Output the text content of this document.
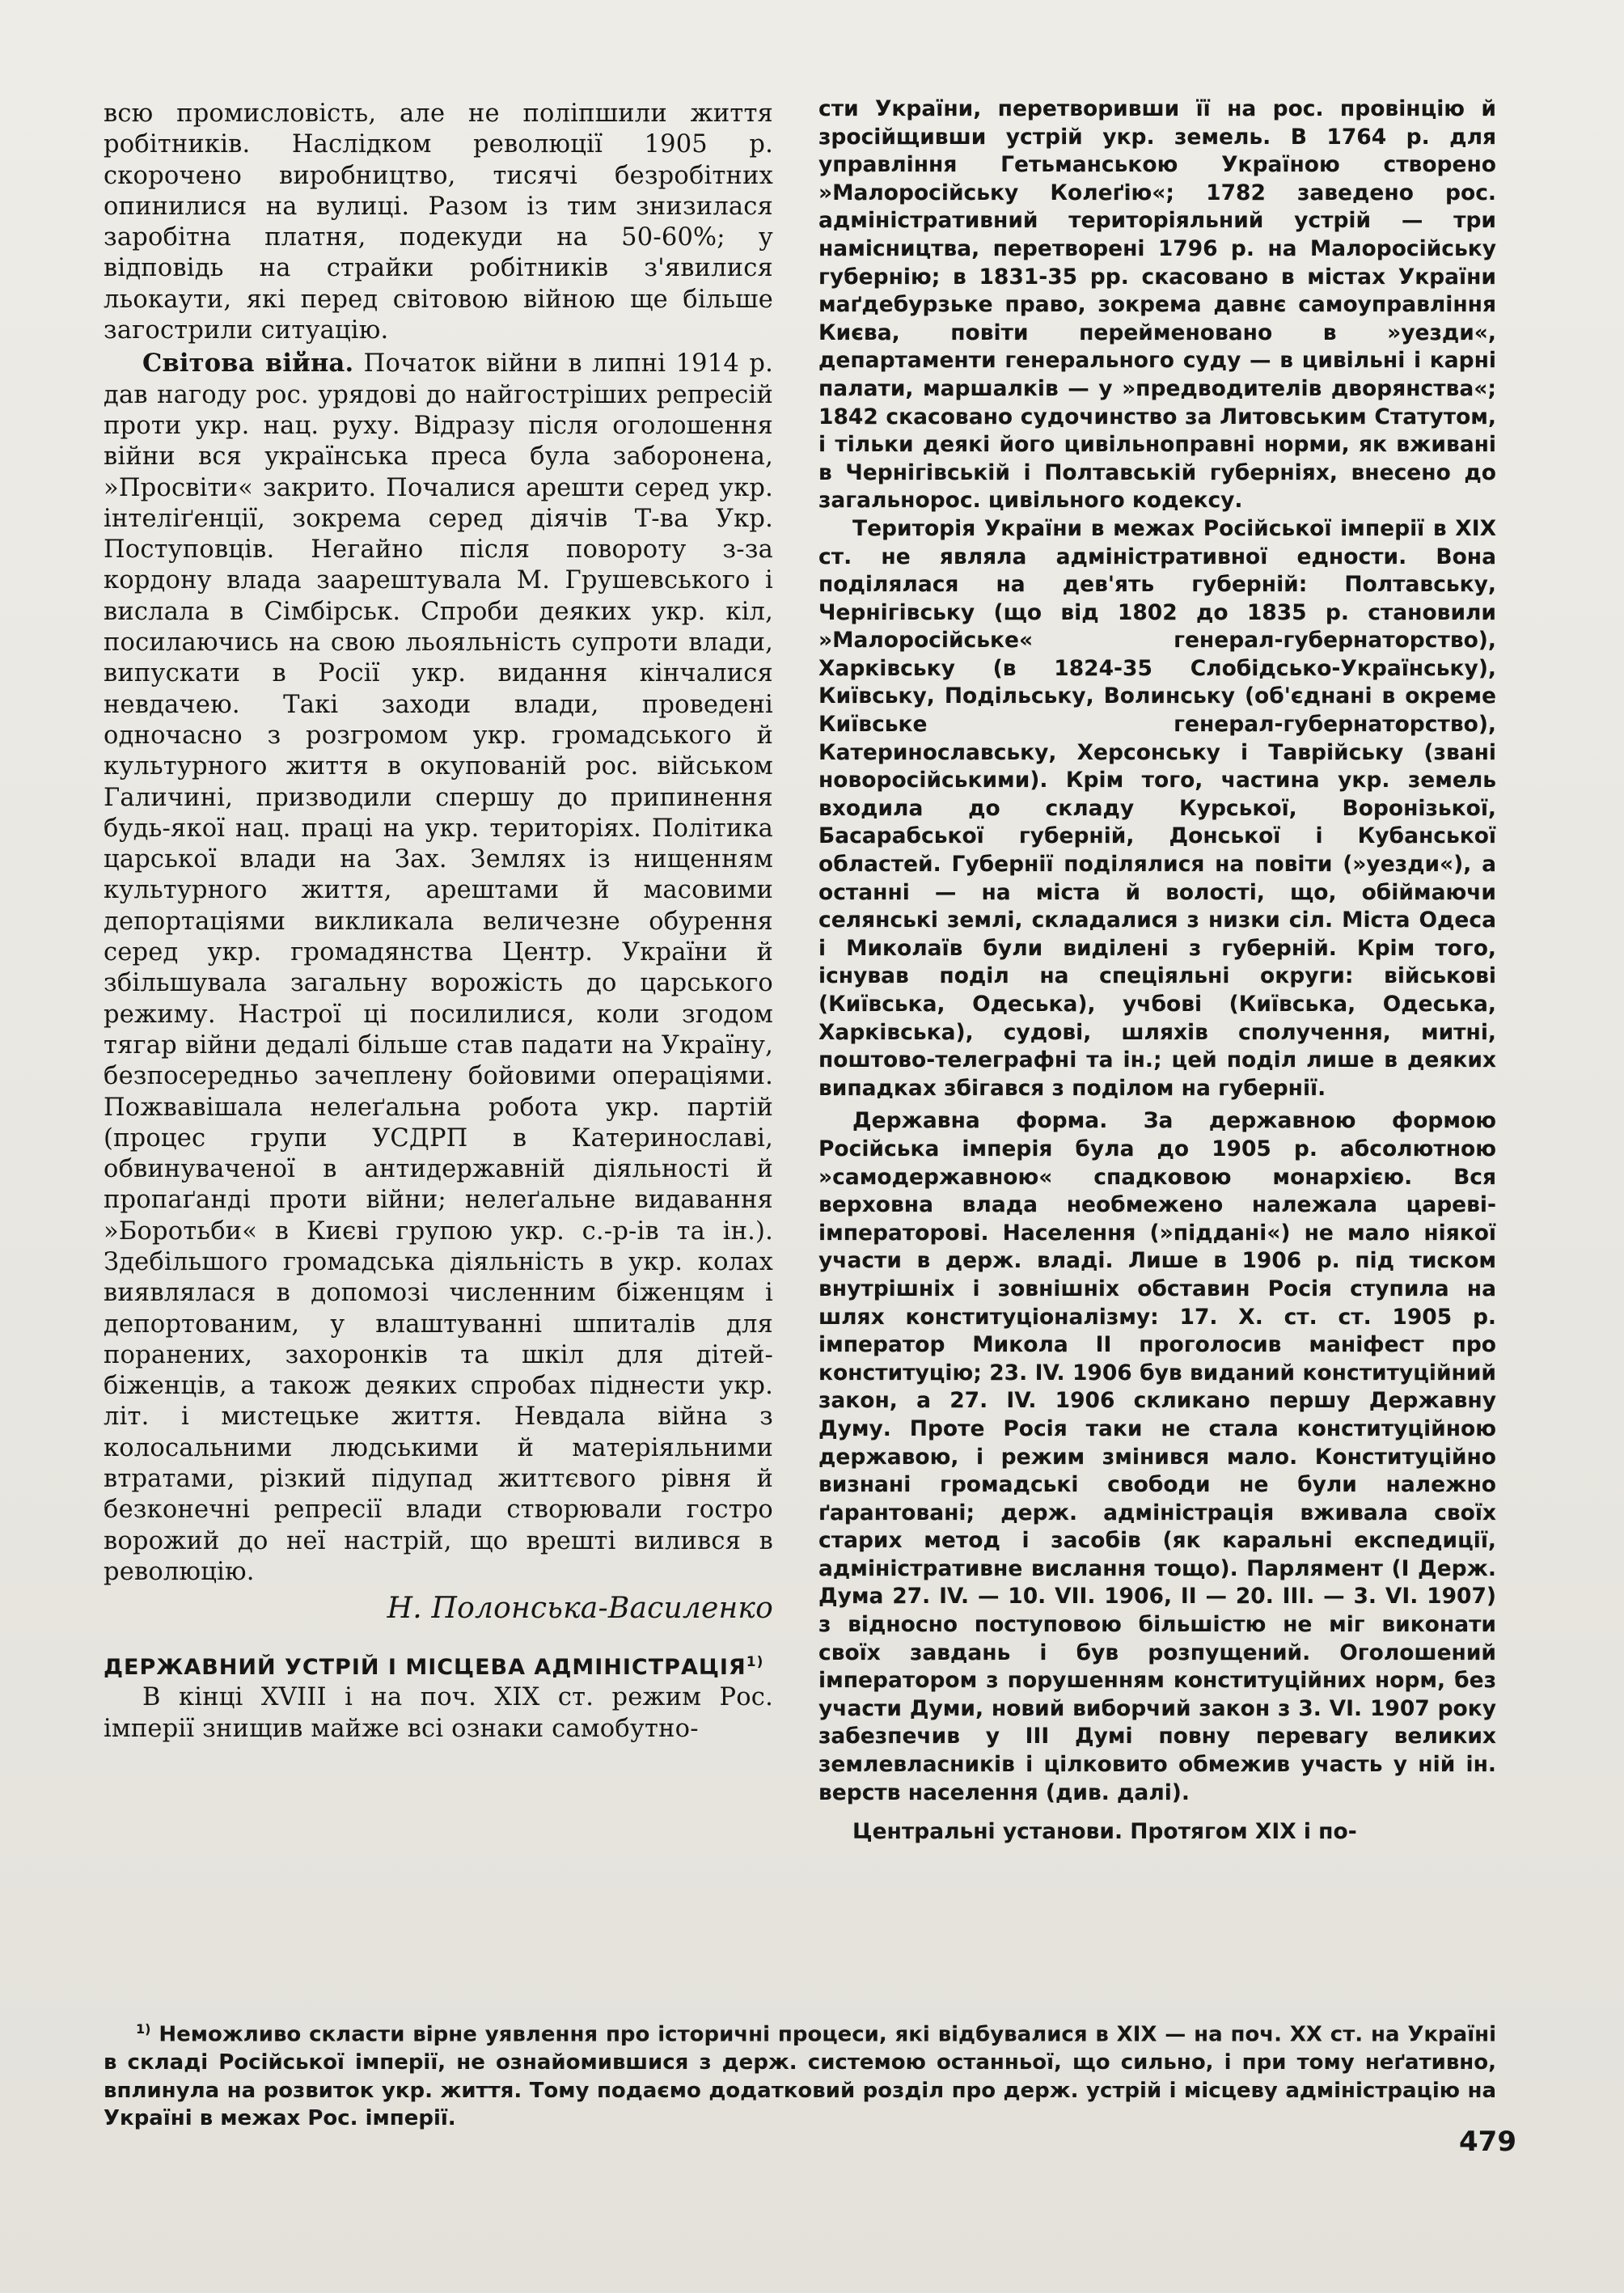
всю промисловість, але не поліпшили життя робітників. Наслідком революції 1905 р. скорочено виробництво, тисячі безробітних опинилися на вулиці. Разом із тим знизилася заробітна платня, подекуди на 50-60%; у відповідь на страйки робітників з'явилися льокаути, які перед світовою війною ще більше загострили ситуацію.

Світова війна. Початок війни в липні 1914 р. дав нагоду рос. урядові до найгостріших репресій проти укр. нац. руху. Відразу після оголошення війни вся українська преса була заборонена, »Просвіти« закрито. Почалися арешти серед укр. інтеліґенції, зокрема серед діячів Т-ва Укр. Поступовців. Негайно після повороту з-за кордону влада заарештувала М. Грушевського і вислала в Сімбірськ. Спроби деяких укр. кіл, посилаючись на свою льояльність супроти влади, випускати в Росії укр. видання кінчалися невдачею. Такі заходи влади, проведені одночасно з розгромом укр. громадського й культурного життя в окупованій рос. військом Галичині, призводили спершу до припинення будь-якої нац. праці на укр. територіях. Політика царської влади на Зах. Землях із нищенням культурного життя, арештами й масовими депортаціями викликала величезне обурення серед укр. громадянства Центр. України й збільшувала загальну ворожість до царського режиму. Настрої ці посилилися, коли згодом тягар війни дедалі більше став падати на Україну, безпосередньо зачеплену бойовими операціями. Пожвавішала нелеґальна робота укр. партій (процес групи УСДРП в Катеринославі, обвинуваченої в антидержавній діяльності й пропаґанді проти війни; нелеґальне видавання »Боротьби« в Києві групою укр. с.-р-ів та ін.). Здебільшого громадська діяльність в укр. колах виявлялася в допомозі численним біженцям і депортованим, у влаштуванні шпиталів для поранених, захоронків та шкіл для дітей-біженців, а також деяких спробах піднести укр. літ. і мистецьке життя. Невдала війна з колосальними людськими й матеріяльними втратами, різкий підупад життєвого рівня й безконечні репресії влади створювали гостро ворожий до неї настрій, що врешті вилився в революцію.

Н. Полонська-Василенко
ДЕРЖАВНИЙ УСТРІЙ І МІСЦЕВА АДМІНІСТРАЦІЯ$^{1)}$

В кінці XVIII і на поч. XIX ст. режим Рос. імперії знищив майже всі ознаки самобутно-

сти України, перетворивши її на рос. провінцію й зросійщивши устрій укр. земель. В 1764 р. для управління Гетьманською Україною створено »Малоросійську Колеґію«; 1782 заведено рос. адміністративний територіяльний устрій — три намісництва, перетворені 1796 р. на Малоросійську губернію; в 1831-35 рр. скасовано в містах України маґдебурзьке право, зокрема давнє самоуправління Києва, повіти перейменовано в »уезди«, департаменти генерального суду — в цивільні і карні палати, маршалків — у »предводителів дворянства«; 1842 скасовано судочинство за Литовським Статутом, і тільки деякі його цивільноправні норми, як вживані в Чернігівській і Полтавській губерніях, внесено до загальноpoc. цивільного кодексу.

Територія України в межах Російської імперії в XIX ст. не являла адміністративної едности. Вона поділялася на дев'ять губерній: Полтавську, Чернігівську (що від 1802 до 1835 р. становили »Малоросійське« генерал-губернаторство), Харківську (в 1824-35 Слобідсько-Українську), Київську, Подільську, Волинську (об'єднані в окреме Київське генерал-губернаторство), Катеринославську, Херсонську і Таврійську (звані новоросійськими). Крім того, частина укр. земель входила до складу Курської, Воронізької, Басарабської губерній, Донської і Кубанської областей. Губернії поділялися на повіти (»уезди«), а останні — на міста й волості, що, обіймаючи селянські землі, складалися з низки сіл. Міста Одеса і Миколаїв були виділені з губерній. Крім того, існував поділ на спеціяльні округи: військові (Київська, Одеська), учбові (Київська, Одеська, Харківська), судові, шляхів сполучення, митні, поштово-телеграфні та ін.; цей поділ лише в деяких випадках збігався з поділом на губернії.

Державна форма. За державною формою Російська імперія була до 1905 р. абсолютною »самодержавною« спадковою монархією. Вся верховна влада необмежено належала цареві-імператорові. Населення (»піддані«) не мало ніякої участи в держ. владі. Лише в 1906 р. під тиском внутрішніх і зовнішніх обставин Росія ступила на шлях конституціоналізму: 17. X. ст. ст. 1905 р. імператор Микола II проголосив маніфест про конституцію; 23. IV. 1906 був виданий конституційний закон, а 27. IV. 1906 скликано першу Державну Думу. Проте Росія таки не стала конституційною державою, і режим змінився мало. Конституційно визнані громадські свободи не були належно ґарантовані; держ. адміністрація вживала своїх старих метод і засобів (як каральні експедиції, адміністративне вислання тощо). Парлямент (I Держ. Дума 27. IV. — 10. VII. 1906, II — 20. III. — 3. VI. 1907) з відносно поступовою більшістю не міг виконати своїх завдань і був розпущений. Оголошений імператором з порушенням конституційних норм, без участи Думи, новий виборчий закон з 3. VI. 1907 року забезпечив у III Думі повну перевагу великих землевласників і цілковито обмежив участь у ній ін. верств населення (див. далі).

Центральні установи. Протягом XIX і по-

$^{1)}$ Неможливо скласти вірне уявлення про історичні процеси, які відбувалися в XIX — на поч. XX ст. на Україні в складі Російської імперії, не ознайомившися з держ. системою останньої, що сильно, і при тому неґативно, вплинула на розвиток укр. життя. Тому подаємо додатковий розділ про держ. устрій і місцеву адміністрацію на Україні в межах Рос. імперії.
479
